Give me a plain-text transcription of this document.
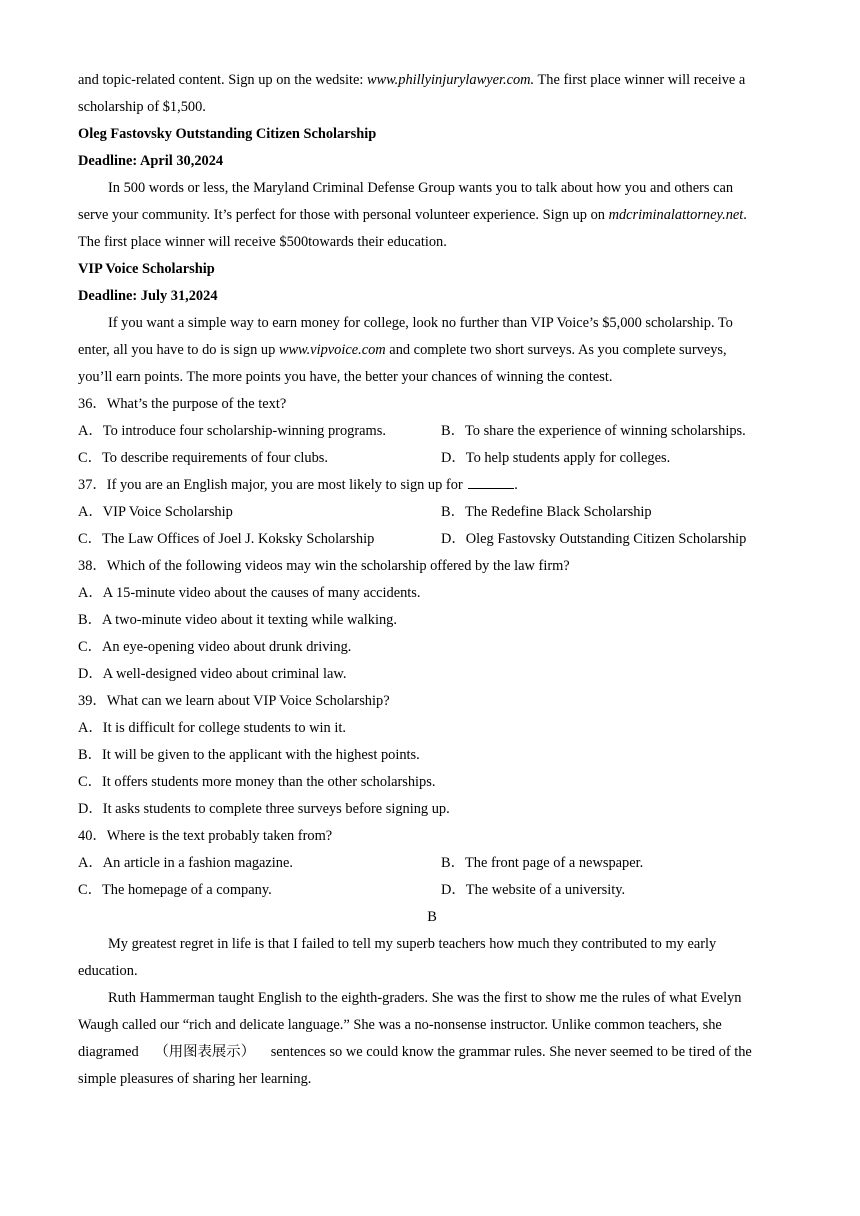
and topic-related content. Sign up on the wedsite: www.phillyinjurylawyer.com. The first place winner will receive a
scholarship of $1,500.
Oleg Fastovsky Outstanding Citizen Scholarship
Deadline: April 30,2024
In 500 words or less, the Maryland Criminal Defense Group wants you to talk about how you and others can
serve your community. It’s perfect for those with personal volunteer experience. Sign up on mdcriminalattorney.net.
The first place winner will receive $500towards their education.
VIP Voice Scholarship
Deadline: July 31,2024
If you want a simple way to earn money for college, look no further than VIP Voice’s $5,000 scholarship. To
enter, all you have to do is sign up www.vipvoice.com and complete two short surveys. As you complete surveys,
you’ll earn points. The more points you have, the better your chances of winning the contest.
36．What’s the purpose of the text?
A．To introduce four scholarship-winning programs.	B．To share the experience of winning scholarships.
C．To describe requirements of four clubs.	D．To help students apply for colleges.
37．If you are an English major, you are most likely to sign up for	.
A．VIP Voice Scholarship	B．The Redefine Black Scholarship
C．The Law Offices of Joel J. Koksky Scholarship	D．Oleg Fastovsky Outstanding Citizen Scholarship
38．Which of the following videos may win the scholarship offered by the law firm?
A．A 15-minute video about the causes of many accidents.
B．A two-minute video about it texting while walking.
C．An eye-opening video about drunk driving.
D．A well-designed video about criminal law.
39．What can we learn about VIP Voice Scholarship?
A．It is difficult for college students to win it.
B．It will be given to the applicant with the highest points.
C．It offers students more money than the other scholarships.
D．It asks students to complete three surveys before signing up.
40．Where is the text probably taken from?
A．An article in a fashion magazine.	B．The front page of a newspaper.
C．The homepage of a company.	D．The website of a university.
B
My greatest regret in life is that I failed to tell my superb teachers how much they contributed to my early
education.
Ruth Hammerman taught English to the eighth-graders. She was the first to show me the rules of what Evelyn
Waugh called our “rich and delicate language.” She was a no-nonsense instructor. Unlike common teachers, she
diagramed （用图表展示） sentences so we could know the grammar rules. She never seemed to be tired of the
simple pleasures of sharing her learning.
